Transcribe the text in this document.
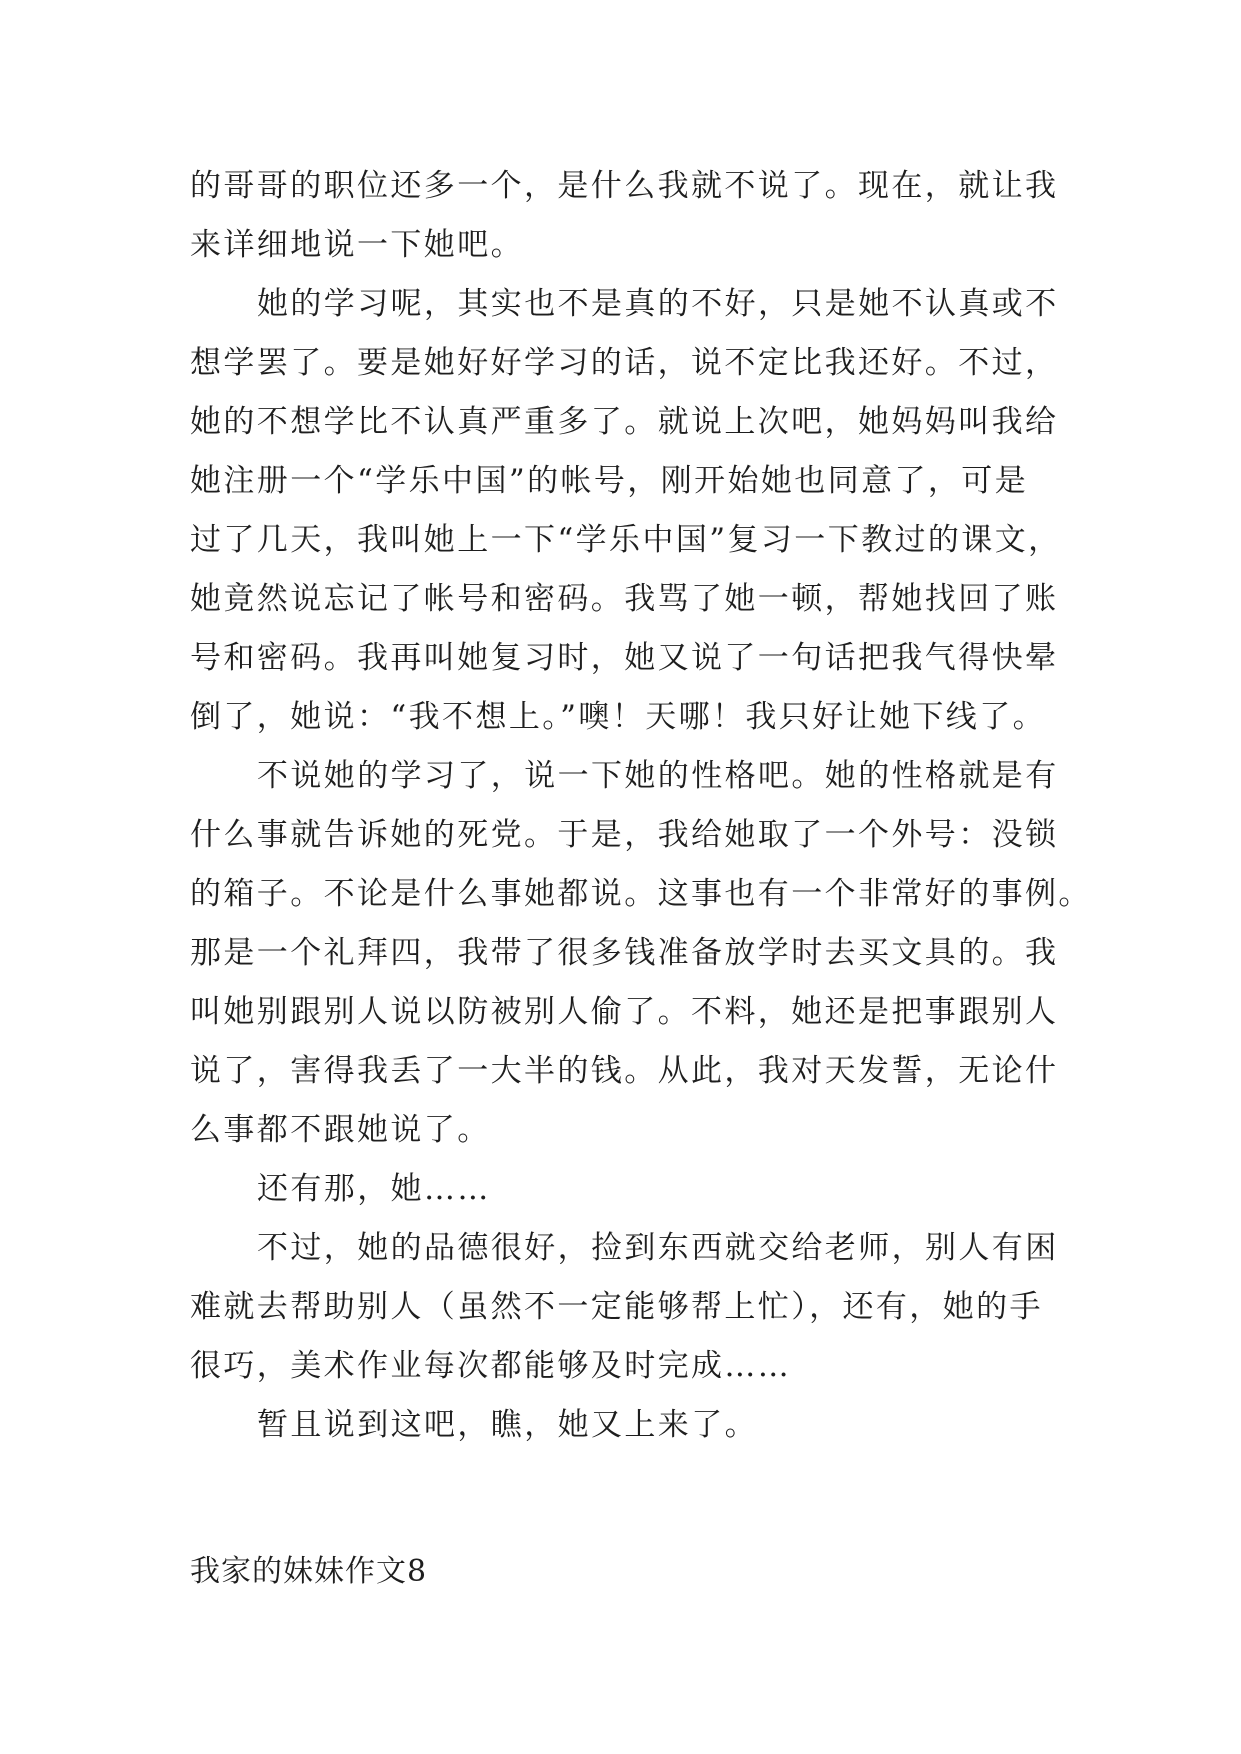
的哥哥的职位还多一个，是什么我就不说了。现在，就让我
来详细地说一下她吧。
她的学习呢，其实也不是真的不好，只是她不认真或不
想学罢了。要是她好好学习的话，说不定比我还好。不过，
她的不想学比不认真严重多了。就说上次吧，她妈妈叫我给
她注册一个“学乐中国”的帐号，刚开始她也同意了，可是
过了几天，我叫她上一下“学乐中国”复习一下教过的课文，
她竟然说忘记了帐号和密码。我骂了她一顿，帮她找回了账
号和密码。我再叫她复习时，她又说了一句话把我气得快晕
倒了，她说：“我不想上。”噢！天哪！我只好让她下线了。
不说她的学习了，说一下她的性格吧。她的性格就是有
什么事就告诉她的死党。于是，我给她取了一个外号：没锁
的箱子。不论是什么事她都说。这事也有一个非常好的事例。
那是一个礼拜四，我带了很多钱准备放学时去买文具的。我
叫她别跟别人说以防被别人偷了。不料，她还是把事跟别人
说了，害得我丢了一大半的钱。从此，我对天发誓，无论什
么事都不跟她说了。
还有那，她……
不过，她的品德很好，捡到东西就交给老师，别人有困
难就去帮助别人（虽然不一定能够帮上忙），还有，她的手
很巧，美术作业每次都能够及时完成……
暂且说到这吧，瞧，她又上来了。
我家的妹妹作文8
